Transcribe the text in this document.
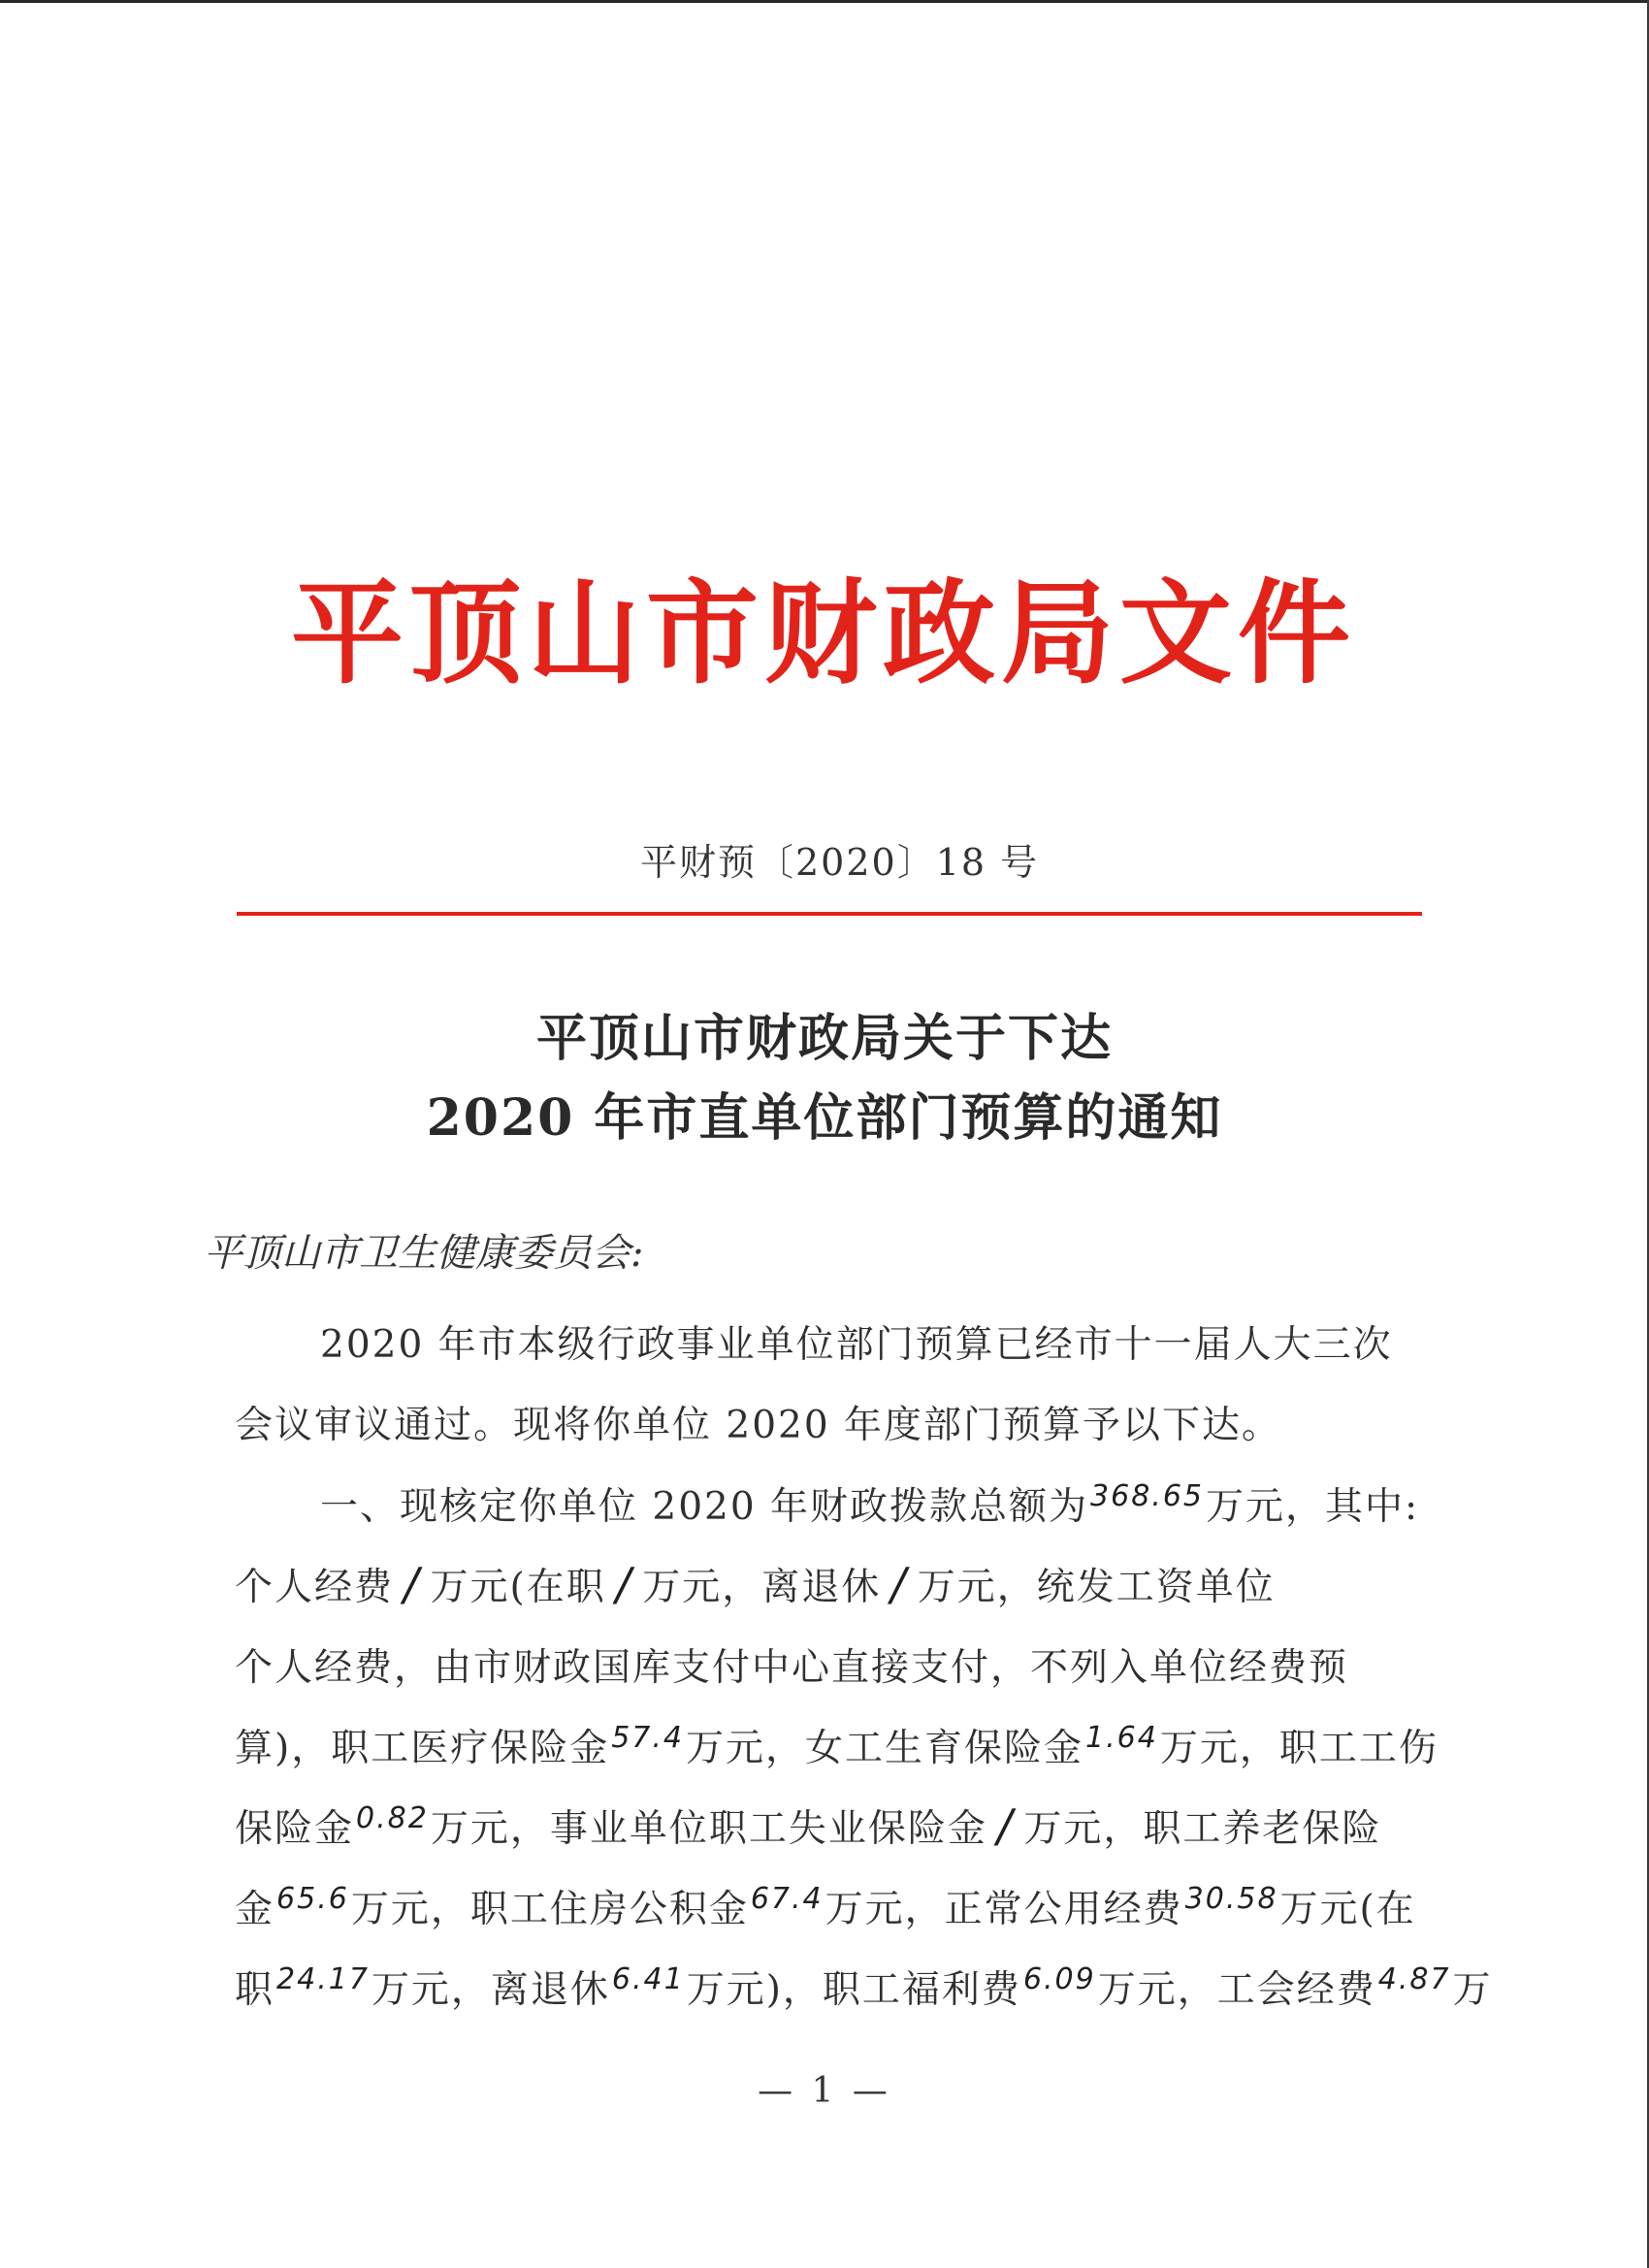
平顶山市财政局文件
平财预〔2020〕18 号
平顶山市财政局关于下达
2020 年市直单位部门预算的通知
平顶山市卫生健康委员会:
2020 年市本级行政事业单位部门预算已经市十一届人大三次
会议审议通过。现将你单位 2020 年度部门预算予以下达。
一、现核定你单位 2020 年财政拨款总额为368.65万元，其中:
个人经费 / 万元(在职 / 万元，离退休 / 万元，统发工资单位
个人经费，由市财政国库支付中心直接支付，不列入单位经费预
算)，职工医疗保险金57.4万元，女工生育保险金1.64万元，职工工伤
保险金0.82万元，事业单位职工失业保险金 / 万元，职工养老保险
金65.6万元，职工住房公积金67.4万元，正常公用经费30.58万元(在
职24.17万元，离退休6.41万元)，职工福利费6.09万元，工会经费4.87万
— 1 —
